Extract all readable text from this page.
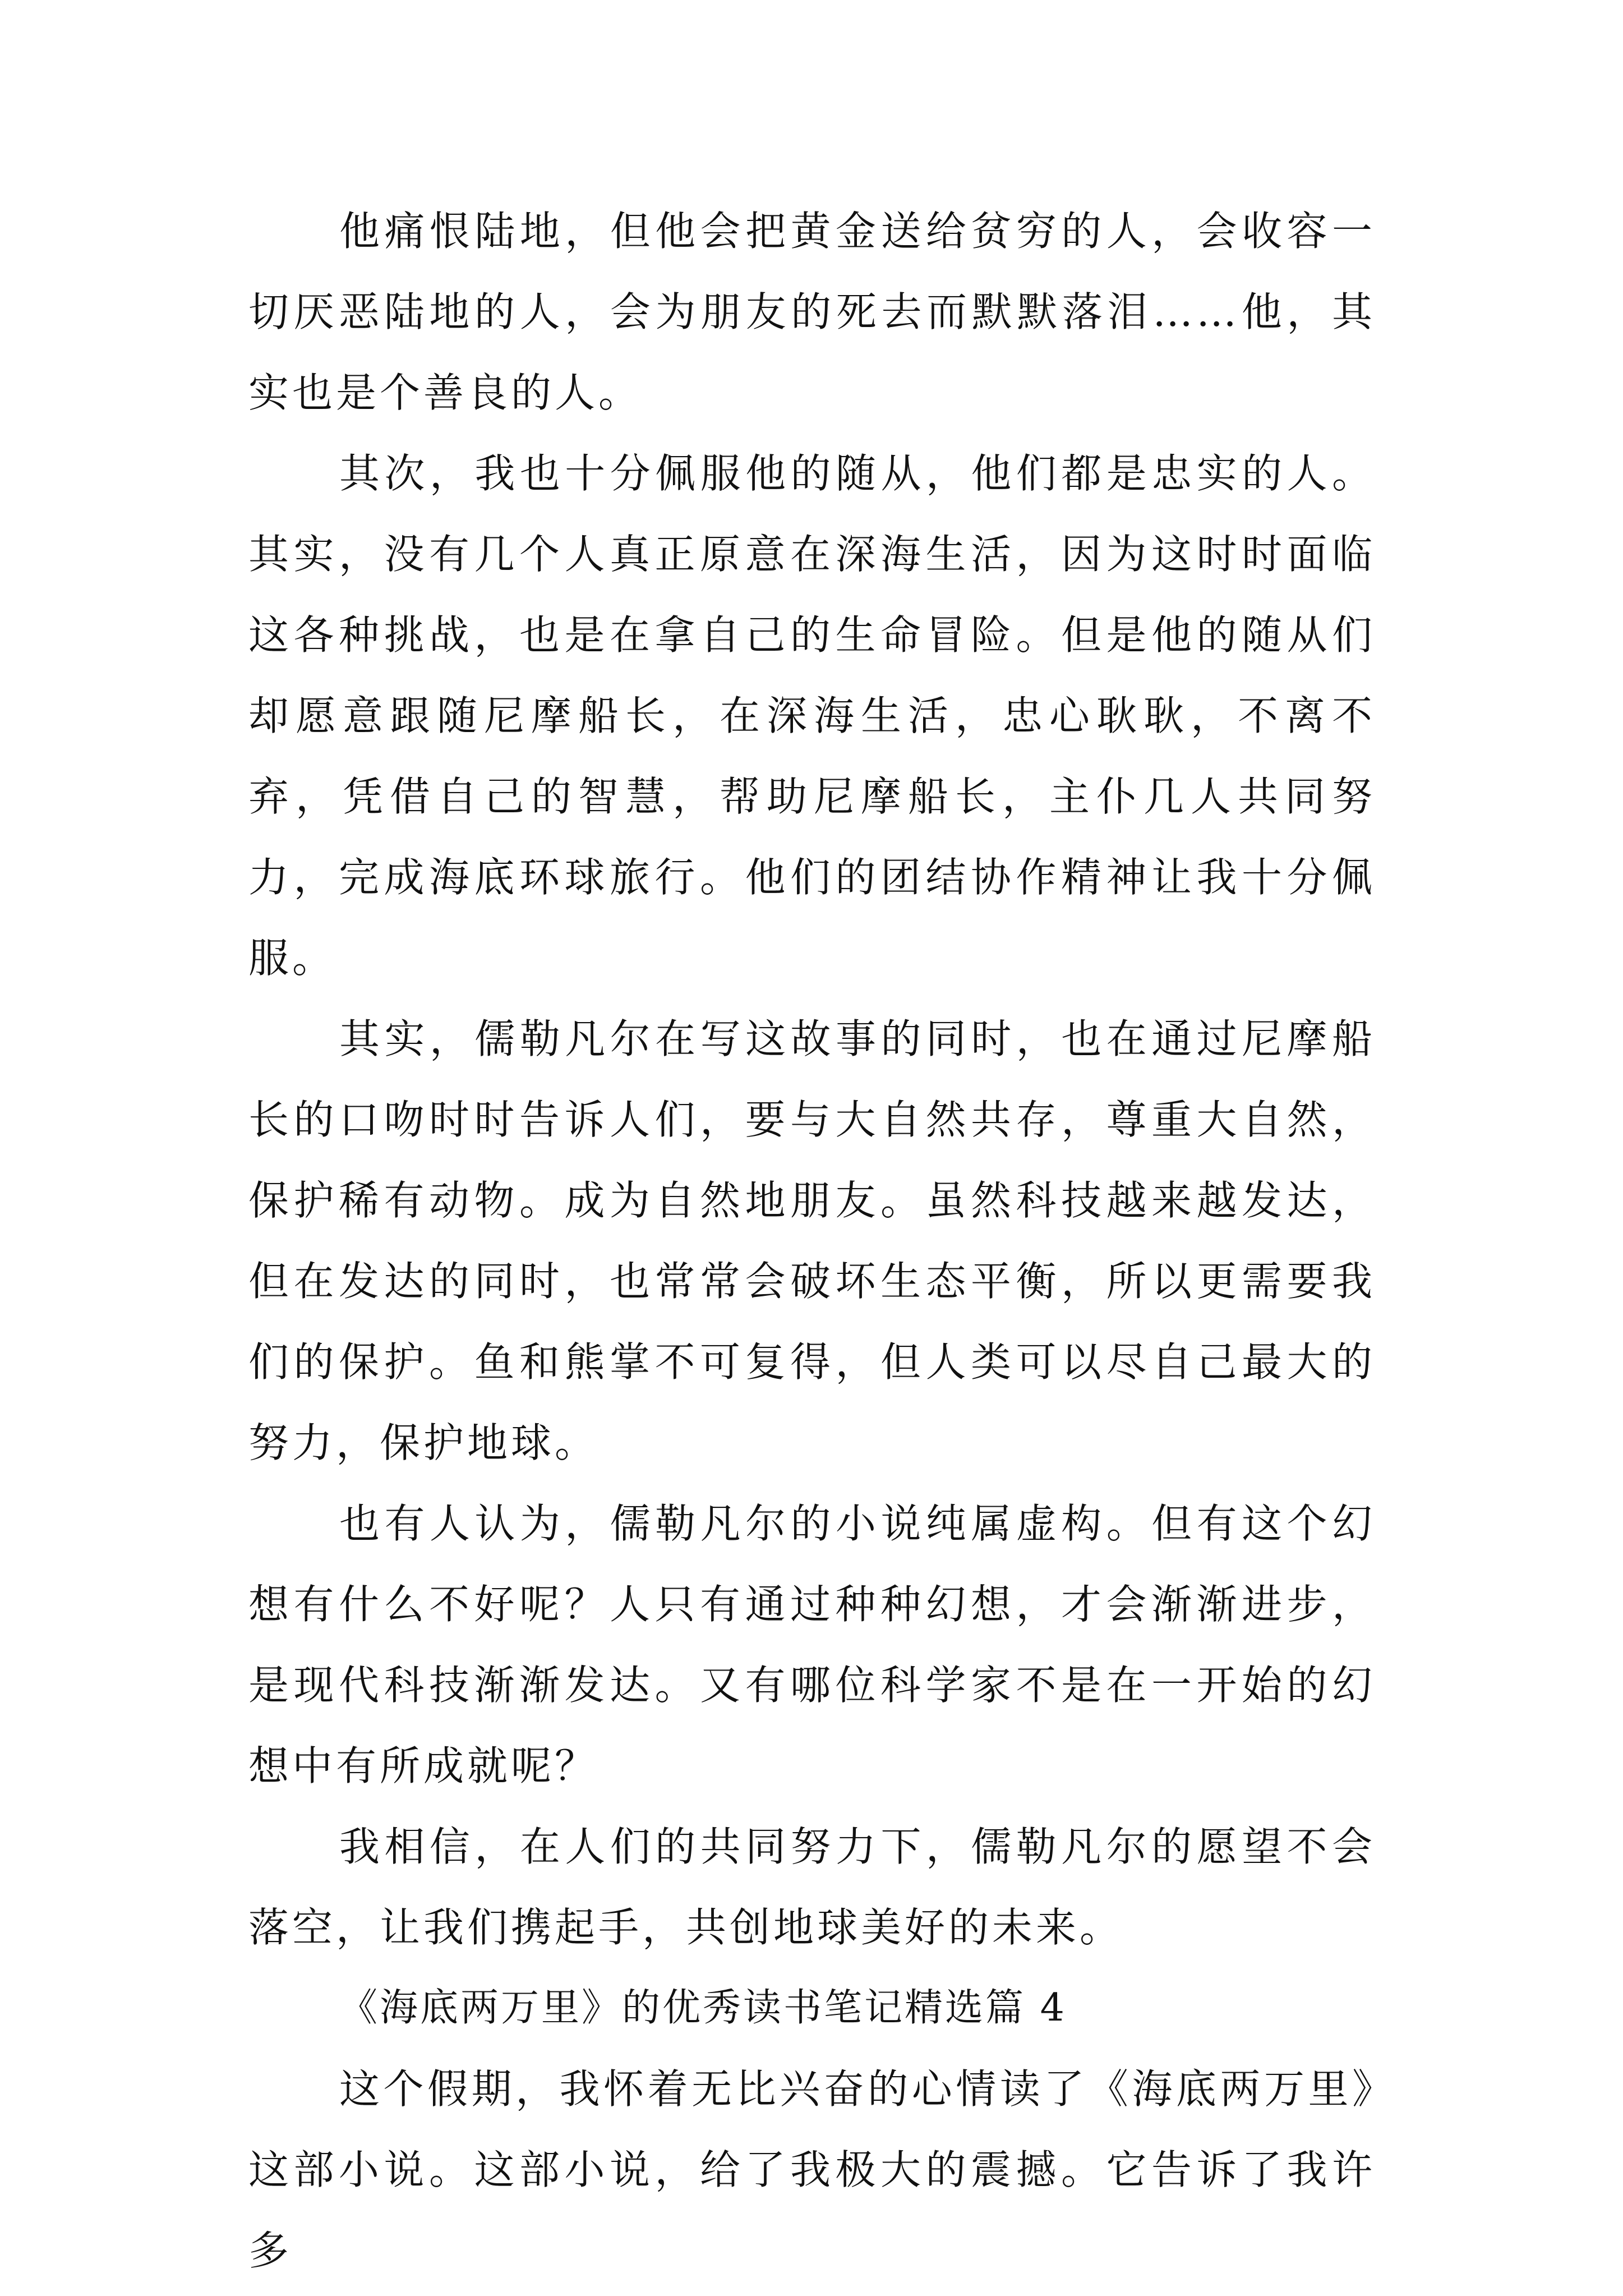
他痛恨陆地，但他会把黄金送给贫穷的人，会收容一切厌恶陆地的人，会为朋友的死去而默默落泪……他，其实也是个善良的人。

其次，我也十分佩服他的随从，他们都是忠实的人。其实，没有几个人真正原意在深海生活，因为这时时面临这各种挑战，也是在拿自己的生命冒险。但是他的随从们却愿意跟随尼摩船长，在深海生活，忠心耿耿，不离不弃，凭借自己的智慧，帮助尼摩船长，主仆几人共同努力，完成海底环球旅行。他们的团结协作精神让我十分佩服。

其实，儒勒凡尔在写这故事的同时，也在通过尼摩船长的口吻时时告诉人们，要与大自然共存，尊重大自然，保护稀有动物。成为自然地朋友。虽然科技越来越发达，但在发达的同时，也常常会破坏生态平衡，所以更需要我们的保护。鱼和熊掌不可复得，但人类可以尽自己最大的努力，保护地球。

也有人认为，儒勒凡尔的小说纯属虚构。但有这个幻想有什么不好呢？人只有通过种种幻想，才会渐渐进步，是现代科技渐渐发达。又有哪位科学家不是在一开始的幻想中有所成就呢？

我相信，在人们的共同努力下，儒勒凡尔的愿望不会落空，让我们携起手，共创地球美好的未来。

《海底两万里》的优秀读书笔记精选篇 4

这个假期，我怀着无比兴奋的心情读了《海底两万里》这部小说。这部小说，给了我极大的震撼。它告诉了我许多
